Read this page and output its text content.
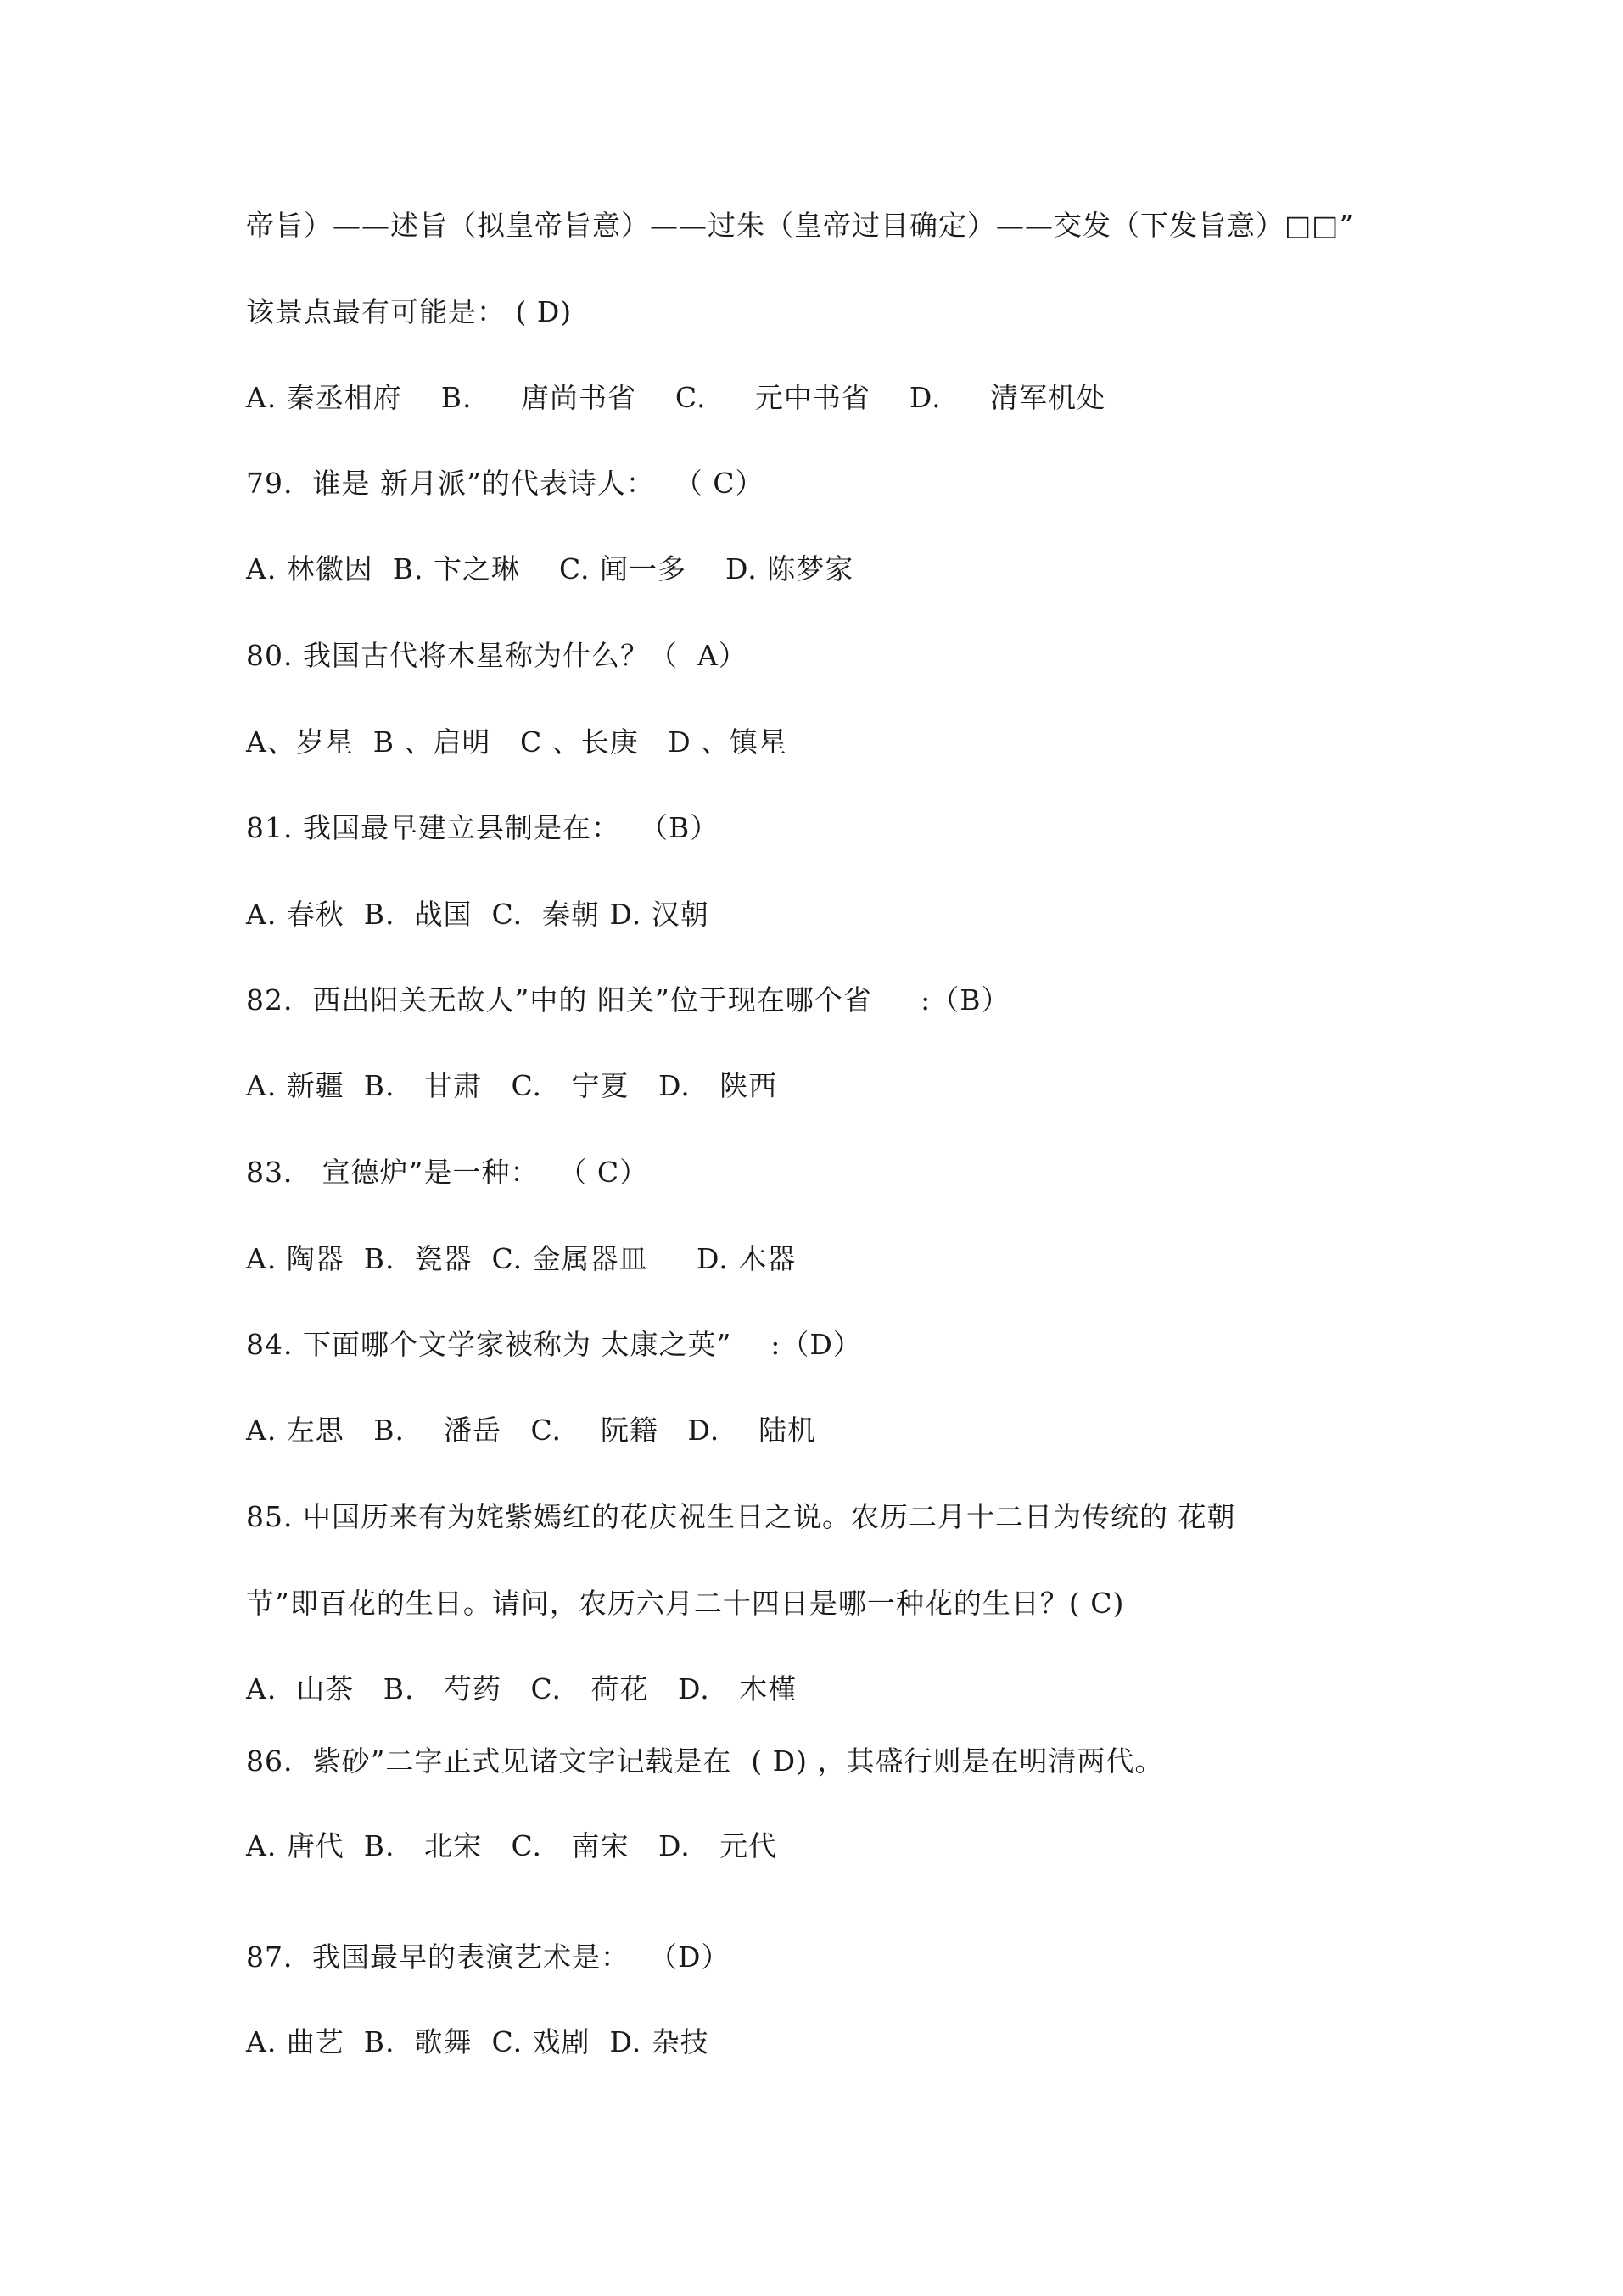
帝旨）——述旨（拟皇帝旨意）——过朱（皇帝过目确定）——交发（下发旨意）□□”
该景点最有可能是： ( D)
A. 秦丞相府    B.     唐尚书省    C.     元中书省    D.     清军机处
79.  谁是 新月派”的代表诗人：  （ C）
A. 林徽因  B. 卞之琳    C. 闻一多    D. 陈梦家
80. 我国古代将木星称为什么？（  A）
A、岁星  B 、启明   C 、长庚   D 、镇星
81. 我国最早建立县制是在：  （B）
A. 春秋  B.  战国  C.  秦朝 D. 汉朝
82.  西出阳关无故人”中的 阳关”位于现在哪个省     :（B）
A. 新疆  B.   甘肃   C.   宁夏   D.   陕西
83． 宣德炉”是一种：  （ C）
A. 陶器  B.  瓷器  C. 金属器皿     D. 木器
84. 下面哪个文学家被称为 太康之英”    :（D）
A. 左思   B.    潘岳   C.    阮籍   D.    陆机
85. 中国历来有为姹紫嫣红的花庆祝生日之说。农历二月十二日为传统的 花朝
节”即百花的生日。请问，农历六月二十四日是哪一种花的生日？( C)
A.  山茶   B.   芍药   C.   荷花   D.   木槿
86.  紫砂”二字正式见诸文字记载是在  ( D) ，其盛行则是在明清两代。
A. 唐代  B.   北宋   C.   南宋   D.   元代
87．我国最早的表演艺术是：  （D）
A. 曲艺  B.  歌舞  C. 戏剧  D. 杂技
